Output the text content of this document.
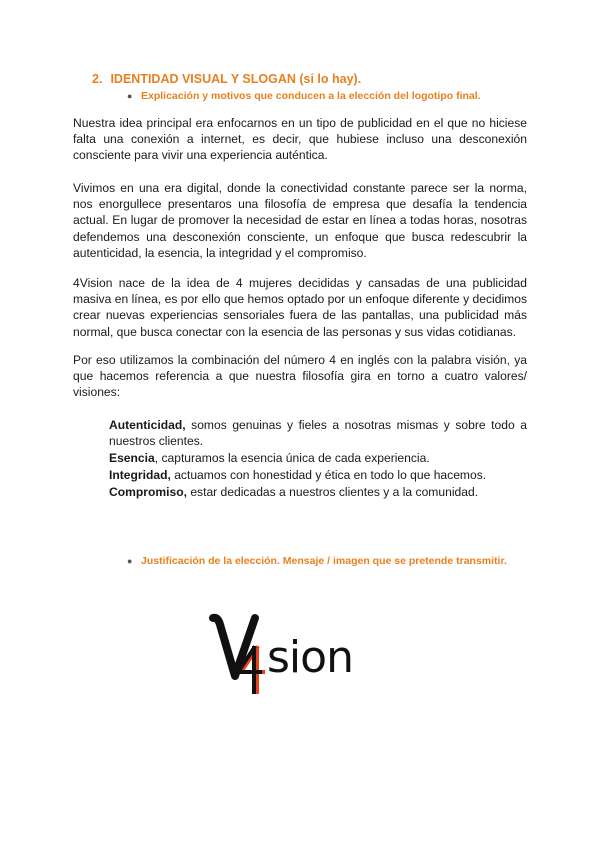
2. IDENTIDAD VISUAL Y SLOGAN (si lo hay).
● Explicación y motivos que conducen a la elección del logotipo final.

Nuestra idea principal era enfocarnos en un tipo de publicidad en el que no hiciese falta una conexión a internet, es decir, que hubiese incluso una desconexión consciente para vivir una experiencia auténtica.

Vivimos en una era digital, donde la conectividad constante parece ser la norma, nos enorgullece presentaros una filosofía de empresa que desafía la tendencia actual. En lugar de promover la necesidad de estar en línea a todas horas, nosotras defendemos una desconexión consciente, un enfoque que busca redescubrir la autenticidad, la esencia, la integridad y el compromiso.

4Vision nace de la idea de 4 mujeres decididas y cansadas de una publicidad masiva en línea, es por ello que hemos optado por un enfoque diferente y decidimos crear nuevas experiencias sensoriales fuera de las pantallas, una publicidad más normal, que busca conectar con la esencia de las personas y sus vidas cotidianas.

Por eso utilizamos la combinación del número 4 en inglés con la palabra visión, ya que hacemos referencia a que nuestra filosofía gira en torno a cuatro valores/ visiones:

Autenticidad, somos genuinas y fieles a nosotras mismas y sobre todo a nuestros clientes.

Esencia, capturamos la esencia única de cada experiencia.

Integridad, actuamos con honestidad y ética en todo lo que hacemos.

Compromiso, estar dedicadas a nuestros clientes y a la comunidad.

● Justificación de la elección. Mensaje / imagen que se pretende transmitir.
sion
